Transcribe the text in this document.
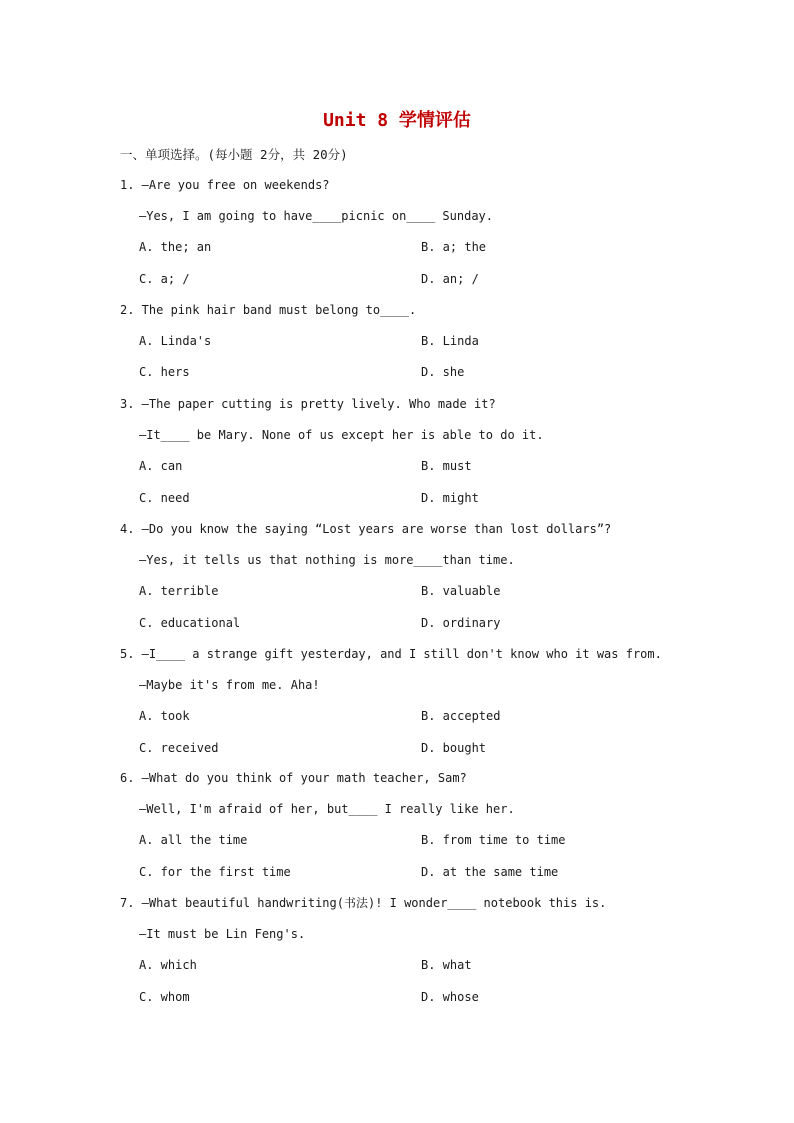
Unit 8 学情评估
一、单项选择。(每小题 2分，共 20分)
1. —Are you free on weekends?
—Yes, I am going to have____picnic on____ Sunday.
A. the; an	B. a; the
C. a; /	D. an; /
2. The pink hair band must belong to____.
A. Linda's	B. Linda
C. hers	D. she
3. —The paper cutting is pretty lively. Who made it?
—It____ be Mary. None of us except her is able to do it.
A. can	B. must
C. need	D. might
4. —Do you know the saying “Lost years are worse than lost dollars”?
—Yes, it tells us that nothing is more____than time.
A. terrible	B. valuable
C. educational	D. ordinary
5. —I____ a strange gift yesterday, and I still don't know who it was from.
—Maybe it's from me. Aha!
A. took	B. accepted
C. received	D. bought
6. —What do you think of your math teacher, Sam?
—Well, I'm afraid of her, but____ I really like her.
A. all the time	B. from time to time
C. for the first time	D. at the same time
7. —What beautiful handwriting(书法)! I wonder____ notebook this is.
—It must be Lin Feng's.
A. which	B. what
C. whom	D. whose
